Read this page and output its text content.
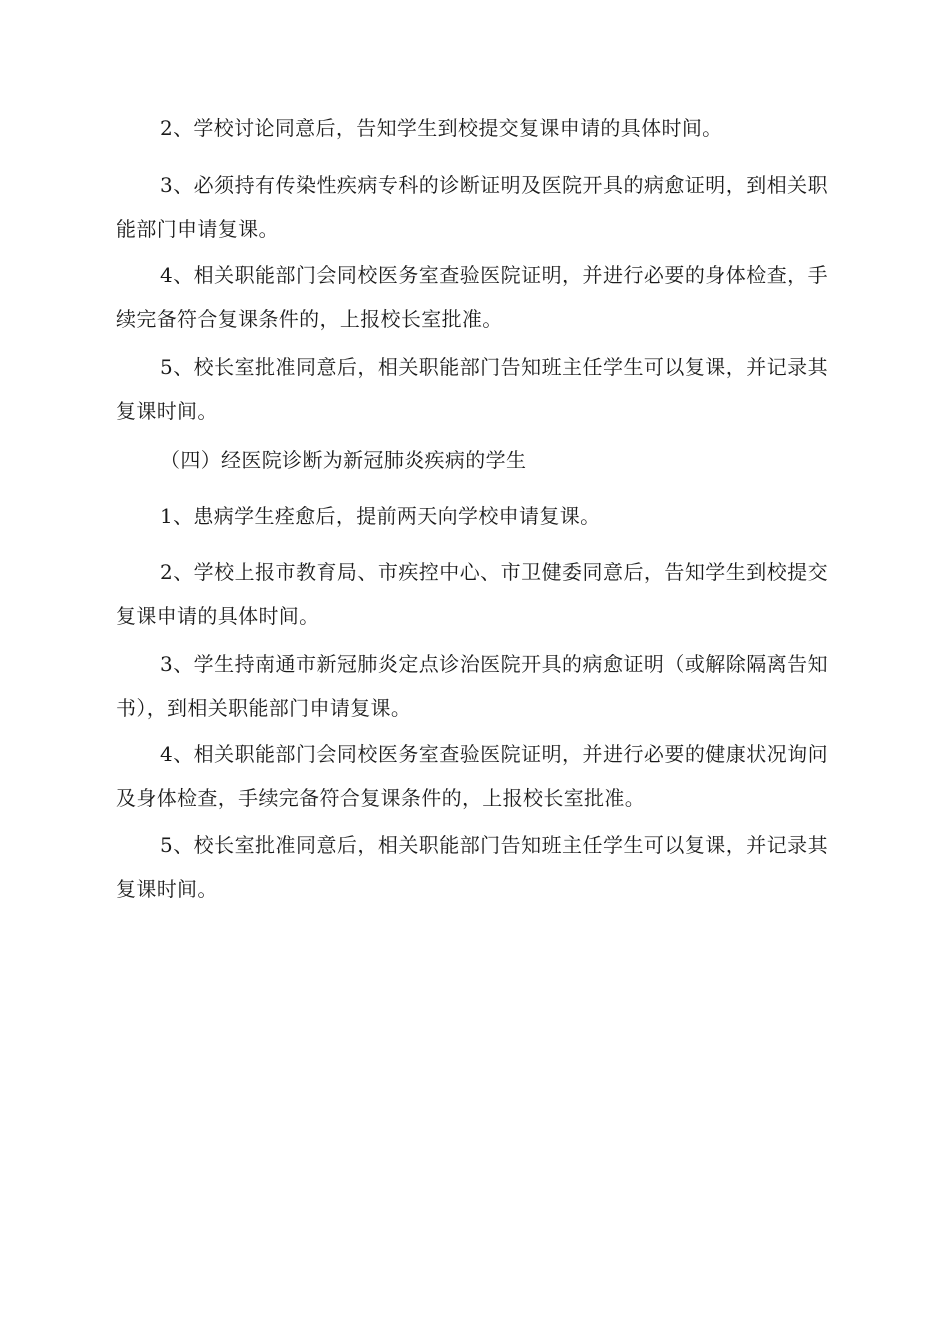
2、学校讨论同意后，告知学生到校提交复课申请的具体时间。

3、必须持有传染性疾病专科的诊断证明及医院开具的病愈证明，到相关职能部门申请复课。

4、相关职能部门会同校医务室查验医院证明，并进行必要的身体检查，手续完备符合复课条件的，上报校长室批准。

5、校长室批准同意后，相关职能部门告知班主任学生可以复课，并记录其复课时间。

（四）经医院诊断为新冠肺炎疾病的学生

1、患病学生痊愈后，提前两天向学校申请复课。

2、学校上报市教育局、市疾控中心、市卫健委同意后，告知学生到校提交复课申请的具体时间。

3、学生持南通市新冠肺炎定点诊治医院开具的病愈证明（或解除隔离告知书），到相关职能部门申请复课。

4、相关职能部门会同校医务室查验医院证明，并进行必要的健康状况询问及身体检查，手续完备符合复课条件的，上报校长室批准。

5、校长室批准同意后，相关职能部门告知班主任学生可以复课，并记录其复课时间。
